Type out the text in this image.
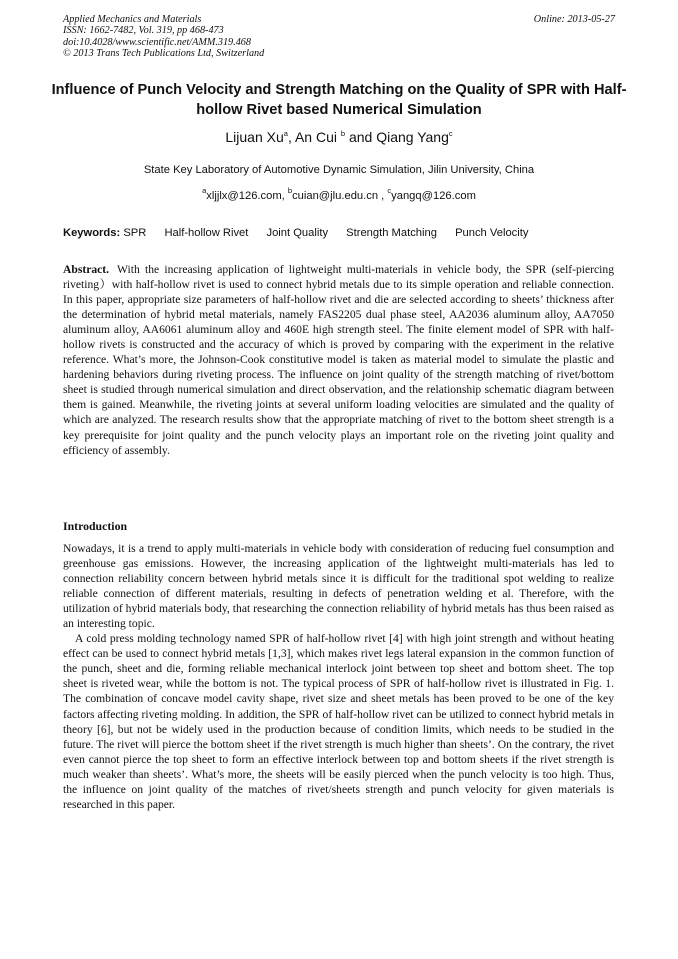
Applied Mechanics and Materials
ISSN: 1662-7482, Vol. 319, pp 468-473
doi:10.4028/www.scientific.net/AMM.319.468
© 2013 Trans Tech Publications Ltd, Switzerland
Online: 2013-05-27
Influence of Punch Velocity and Strength Matching on the Quality of SPR with Half-hollow Rivet based Numerical Simulation
Lijuan Xu$^a$, An Cui $^b$ and Qiang Yang$^c$
State Key Laboratory of Automotive Dynamic Simulation, Jilin University, China
$^a$xljjlx@126.com, $^b$cuian@jlu.edu.cn , $^c$yangq@126.com
Keywords: SPR Half-hollow Rivet Joint Quality Strength Matching Punch Velocity
Abstract. With the increasing application of lightweight multi-materials in vehicle body, the SPR (self-piercing riveting）with half-hollow rivet is used to connect hybrid metals due to its simple operation and reliable connection. In this paper, appropriate size parameters of half-hollow rivet and die are selected according to sheets’ thickness after the determination of hybrid metal materials, namely FAS2205 dual phase steel, AA2036 aluminum alloy, AA7050 aluminum alloy, AA6061 aluminum alloy and 460E high strength steel. The finite element model of SPR with half-hollow rivets is constructed and the accuracy of which is proved by comparing with the experiment in the relative reference. What’s more, the Johnson-Cook constitutive model is taken as material model to simulate the plastic and hardening behaviors during riveting process. The influence on joint quality of the strength matching of rivet/bottom sheet is studied through numerical simulation and direct observation, and the relationship schematic diagram between them is gained. Meanwhile, the riveting joints at several uniform loading velocities are simulated and the quality of which are analyzed. The research results show that the appropriate matching of rivet to the bottom sheet strength is a key prerequisite for joint quality and the punch velocity plays an important role on the riveting joint quality and efficiency of assembly.
Introduction

Nowadays, it is a trend to apply multi-materials in vehicle body with consideration of reducing fuel consumption and greenhouse gas emissions. However, the increasing application of the lightweight multi-materials has led to connection reliability concern between hybrid metals since it is difficult for the traditional spot welding to realize reliable connection of different materials, resulting in defects of penetration welding et al. Therefore, with the utilization of hybrid materials body, that researching the connection reliability of hybrid metals has thus been raised as an interesting topic.

A cold press molding technology named SPR of half-hollow rivet [4] with high joint strength and without heating effect can be used to connect hybrid metals [1,3], which makes rivet legs lateral expansion in the common function of the punch, sheet and die, forming reliable mechanical interlock joint between top sheet and bottom sheet. The top sheet is riveted wear, while the bottom is not. The typical process of SPR of half-hollow rivet is illustrated in Fig. 1. The combination of concave model cavity shape, rivet size and sheet metals has been proved to be one of the key factors affecting riveting molding. In addition, the SPR of half-hollow rivet can be utilized to connect hybrid metals in theory [6], but not be widely used in the production because of condition limits, which needs to be studied in the future. The rivet will pierce the bottom sheet if the rivet strength is much higher than sheets’. On the contrary, the rivet even cannot pierce the top sheet to form an effective interlock between top and bottom sheets if the rivet strength is much weaker than sheets’. What’s more, the sheets will be easily pierced when the punch velocity is too high. Thus, the influence on joint quality of the matches of rivet/sheets strength and punch velocity for given materials is researched in this paper.
